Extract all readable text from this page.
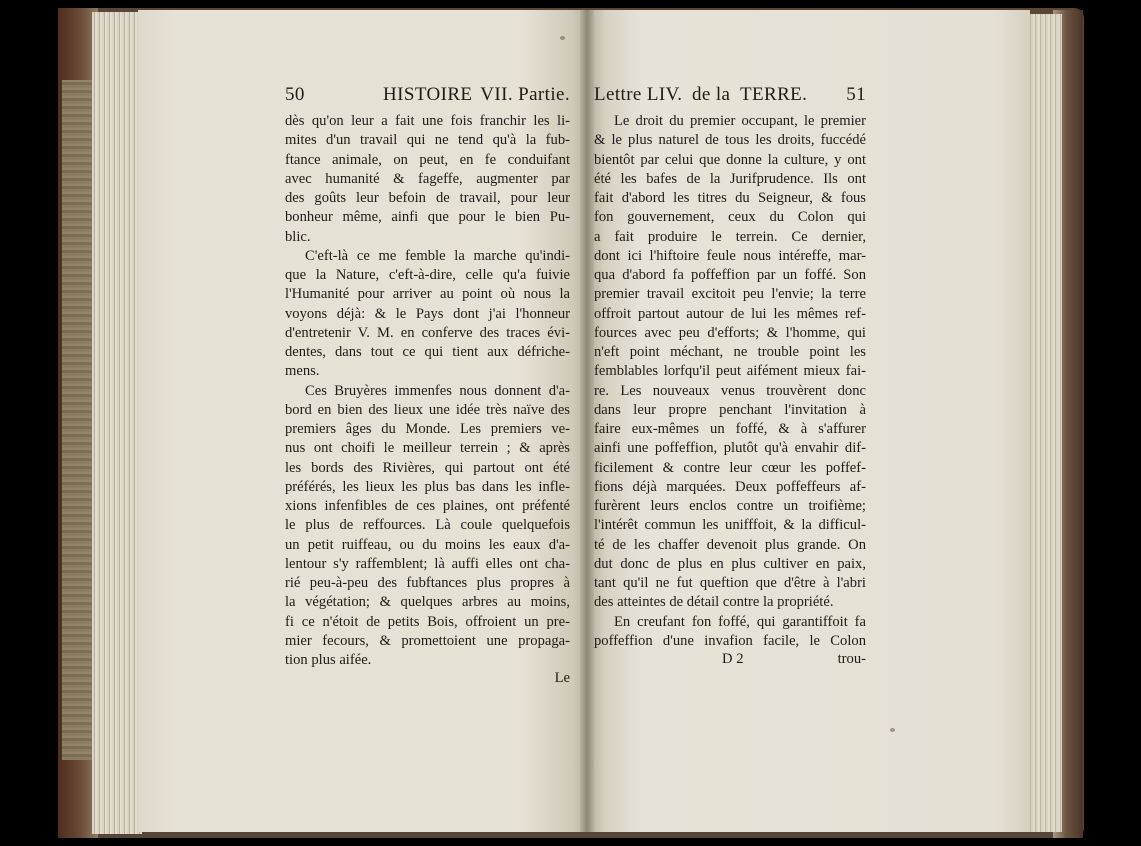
50	HISTOIRE VII. Partie.
dès qu'on leur a fait une fois franchir les li-
mites d'un travail qui ne tend qu'à la fub-
ftance animale, on peut, en fe conduifant
avec humanité & fageffe, augmenter par
des goûts leur befoin de travail, pour leur
bonheur même, ainfi que pour le bien Pu-
blic.
C'eft-là ce me femble la marche qu'indi-
que la Nature, c'eft-à-dire, celle qu'a fuivie
l'Humanité pour arriver au point où nous la
voyons déjà: & le Pays dont j'ai l'honneur
d'entretenir V. M. en conferve des traces évi-
dentes, dans tout ce qui tient aux défriche-
mens.
Ces Bruyères immenfes nous donnent d'a-
bord en bien des lieux une idée très naïve des
premiers âges du Monde. Les premiers ve-
nus ont choifi le meilleur terrein ; & après
les bords des Rivières, qui partout ont été
préférés, les lieux les plus bas dans les infle-
xions infenfibles de ces plaines, ont préfenté
le plus de reffources. Là coule quelquefois
un petit ruiffeau, ou du moins les eaux d'a-
lentour s'y raffemblent; là auffi elles ont cha-
rié peu-à-peu des fubftances plus propres à
la végétation; & quelques arbres au moins,
fi ce n'étoit de petits Bois, offroient un pre-
mier fecours, & promettoient une propaga-
tion plus aifée.
Le
Lettre LIV. de la TERRE. 51
Le droit du premier occupant, le premier
& le plus naturel de tous les droits, fuccédé
bientôt par celui que donne la culture, y ont
été les bafes de la Jurifprudence. Ils ont
fait d'abord les titres du Seigneur, & fous
fon gouvernement, ceux du Colon qui
a fait produire le terrein. Ce dernier,
dont ici l'hiftoire feule nous intéreffe, mar-
qua d'abord fa poffeffion par un foffé. Son
premier travail excitoit peu l'envie; la terre
offroit partout autour de lui les mêmes ref-
fources avec peu d'efforts; & l'homme, qui
n'eft point méchant, ne trouble point les
femblables lorfqu'il peut aifément mieux fai-
re. Les nouveaux venus trouvèrent donc
dans leur propre penchant l'invitation à
faire eux-mêmes un foffé, & à s'affurer
ainfi une poffeffion, plutôt qu'à envahir dif-
ficilement & contre leur cœur les poffef-
fions déjà marquées. Deux poffeffeurs af-
furèrent leurs enclos contre un troifième;
l'intérêt commun les unifffoit, & la difficul-
té de les chaffer devenoit plus grande. On
dut donc de plus en plus cultiver en paix,
tant qu'il ne fut queftion que d'être à l'abri
des atteintes de détail contre la propriété.
En creufant fon foffé, qui garantiffoit fa
poffeffion d'une invafion facile, le Colon
D 2	trou-
